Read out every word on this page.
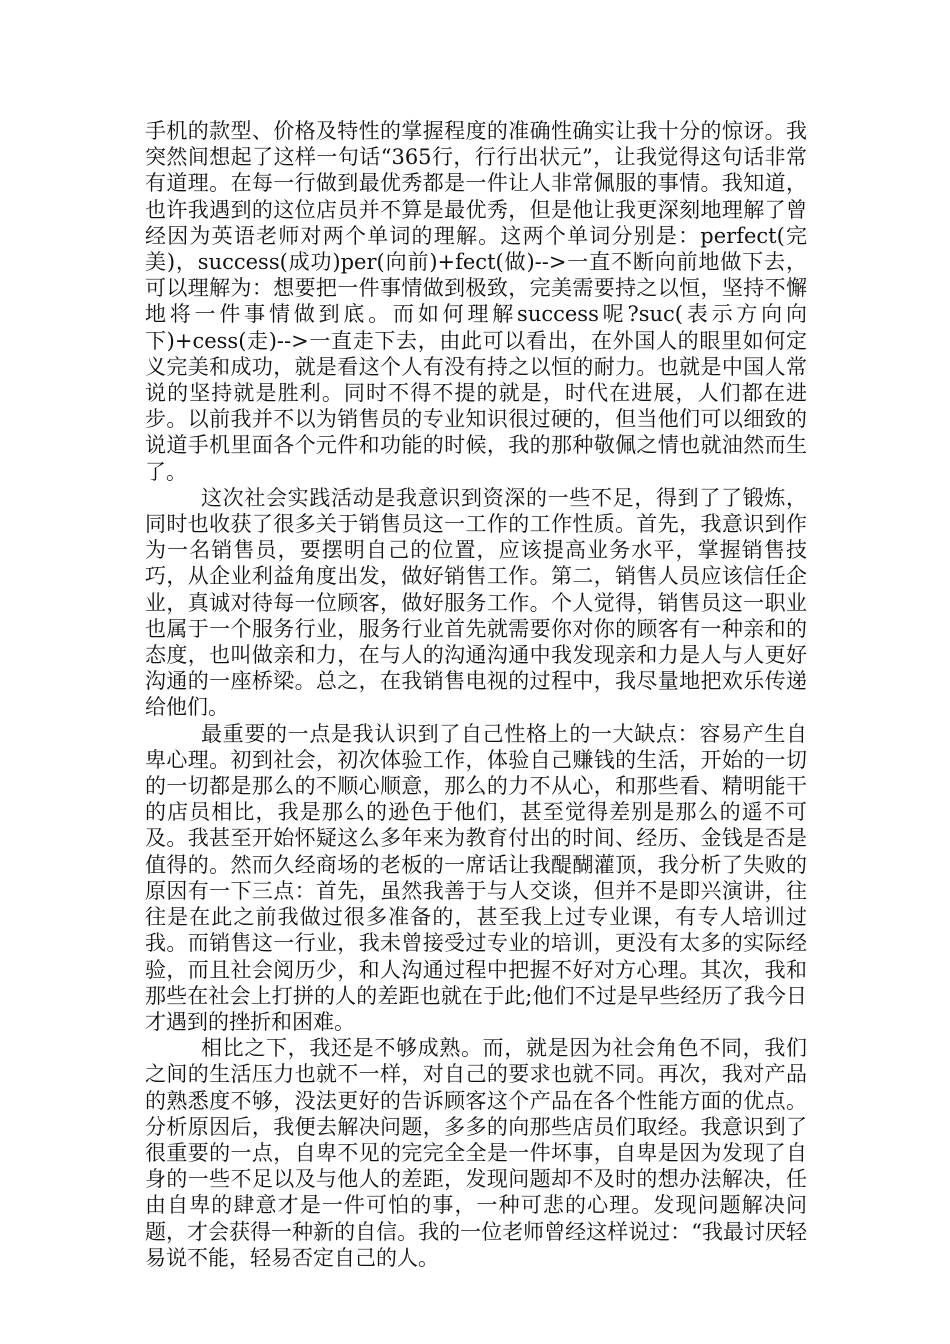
手机的款型、价格及特性的掌握程度的准确性确实让我十分的惊讶。我突然间想起了这样一句话“365行，行行出状元”，让我觉得这句话非常有道理。在每一行做到最优秀都是一件让人非常佩服的事情。我知道，也许我遇到的这位店员并不算是最优秀，但是他让我更深刻地理解了曾经因为英语老师对两个单词的理解。这两个单词分别是：perfect(完美)，success(成功)per(向前)+fect(做)-->一直不断向前地做下去，可以理解为：想要把一件事情做到极致，完美需要持之以恒，坚持不懈地将一件事情做到底。而如何理解success呢?suc(表示方向向下)+cess(走)-->一直走下去，由此可以看出，在外国人的眼里如何定义完美和成功，就是看这个人有没有持之以恒的耐力。也就是中国人常说的坚持就是胜利。同时不得不提的就是，时代在进展，人们都在进步。以前我并不以为销售员的专业知识很过硬的，但当他们可以细致的说道手机里面各个元件和功能的时候，我的那种敬佩之情也就油然而生了。

这次社会实践活动是我意识到资深的一些不足，得到了了锻炼，同时也收获了很多关于销售员这一工作的工作性质。首先，我意识到作为一名销售员，要摆明自己的位置，应该提高业务水平，掌握销售技巧，从企业利益角度出发，做好销售工作。第二，销售人员应该信任企业，真诚对待每一位顾客，做好服务工作。个人觉得，销售员这一职业也属于一个服务行业，服务行业首先就需要你对你的顾客有一种亲和的态度，也叫做亲和力，在与人的沟通沟通中我发现亲和力是人与人更好沟通的一座桥梁。总之，在我销售电视的过程中，我尽量地把欢乐传递给他们。

最重要的一点是我认识到了自己性格上的一大缺点：容易产生自卑心理。初到社会，初次体验工作，体验自己赚钱的生活，开始的一切的一切都是那么的不顺心顺意，那么的力不从心，和那些看、精明能干的店员相比，我是那么的逊色于他们，甚至觉得差别是那么的遥不可及。我甚至开始怀疑这么多年来为教育付出的时间、经历、金钱是否是值得的。然而久经商场的老板的一席话让我醍醐灌顶，我分析了失败的原因有一下三点：首先，虽然我善于与人交谈，但并不是即兴演讲，往往是在此之前我做过很多准备的，甚至我上过专业课，有专人培训过我。而销售这一行业，我未曾接受过专业的培训，更没有太多的实际经验，而且社会阅历少，和人沟通过程中把握不好对方心理。其次，我和那些在社会上打拼的人的差距也就在于此;他们不过是早些经历了我今日才遇到的挫折和困难。

相比之下，我还是不够成熟。而，就是因为社会角色不同，我们之间的生活压力也就不一样，对自己的要求也就不同。再次，我对产品的熟悉度不够，没法更好的告诉顾客这个产品在各个性能方面的优点。分析原因后，我便去解决问题，多多的向那些店员们取经。我意识到了很重要的一点，自卑不见的完完全全是一件坏事，自卑是因为发现了自身的一些不足以及与他人的差距，发现问题却不及时的想办法解决，任由自卑的肆意才是一件可怕的事，一种可悲的心理。发现问题解决问题，才会获得一种新的自信。我的一位老师曾经这样说过：“我最讨厌轻易说不能，轻易否定自己的人。
